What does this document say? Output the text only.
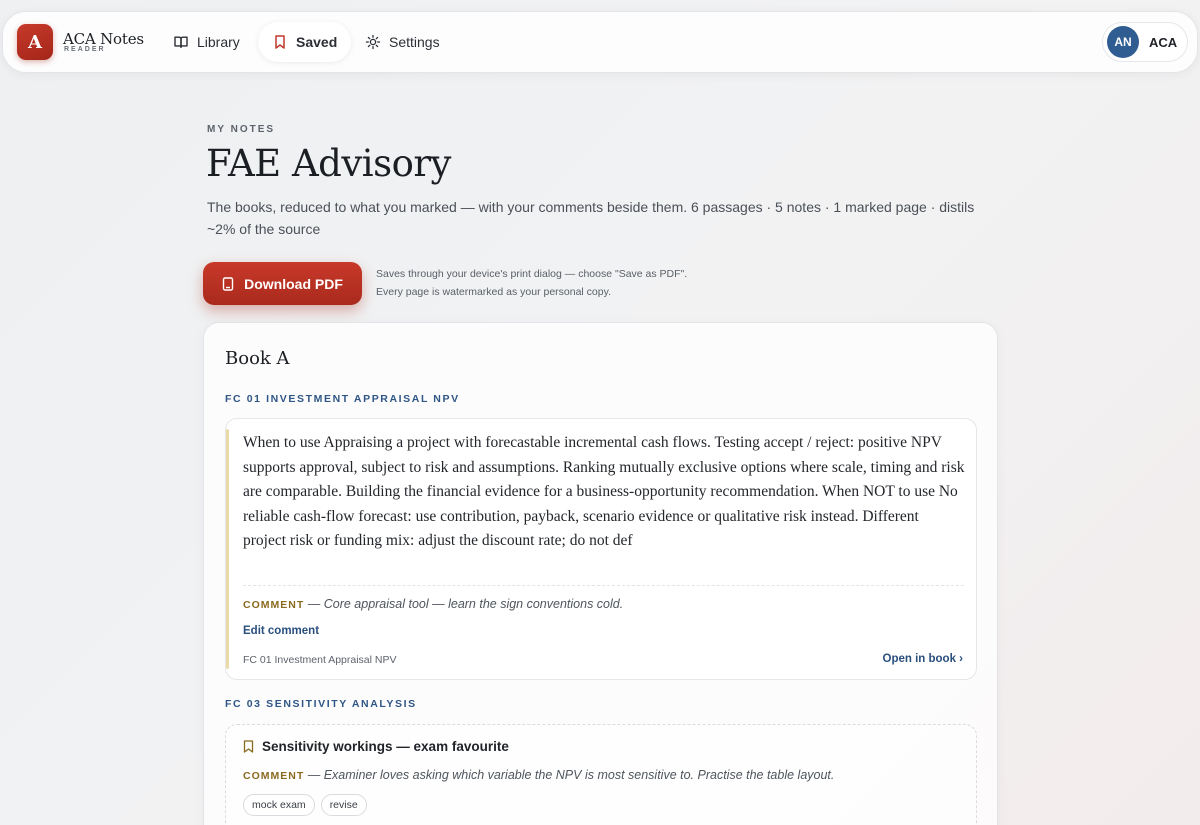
A	ACA Notes
READER	Library	Saved	Settings	AN	ACA
MY NOTES
FAE Advisory
The books, reduced to what you marked — with your comments beside them. 6 passages · 5 notes · 1 marked page · distils ~2% of the source
Download PDF
Saves through your device's print dialog — choose "Save as PDF". Every page is watermarked as your personal copy.
Book A
FC 01 INVESTMENT APPRAISAL NPV
When to use Appraising a project with forecastable incremental cash flows. Testing accept / reject: positive NPV supports approval, subject to risk and assumptions. Ranking mutually exclusive options where scale, timing and risk are comparable. Building the financial evidence for a business-opportunity recommendation. When NOT to use No reliable cash-flow forecast: use contribution, payback, scenario evidence or qualitative risk instead. Different project risk or funding mix: adjust the discount rate; do not def
COMMENT — Core appraisal tool — learn the sign conventions cold.
Edit comment
FC 01 Investment Appraisal NPV	Open in book ›
FC 03 SENSITIVITY ANALYSIS
Sensitivity workings — exam favourite
COMMENT — Examiner loves asking which variable the NPV is most sensitive to. Practise the table layout.
mock exam	revise
